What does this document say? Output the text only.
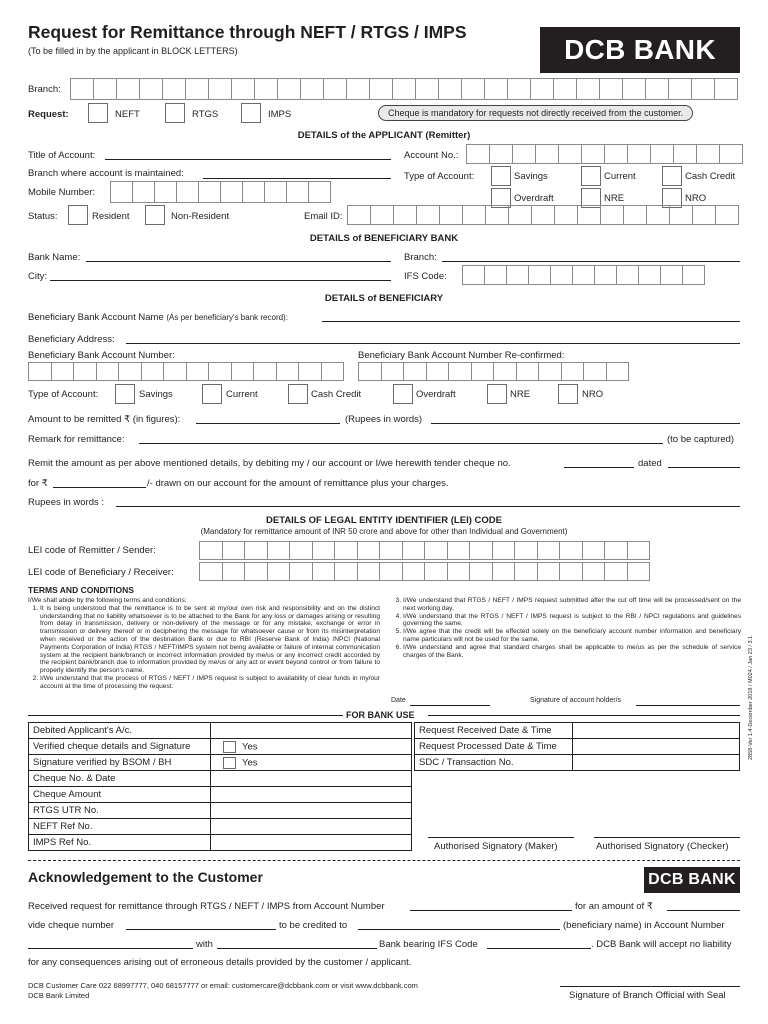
Request for Remittance through NEFT / RTGS / IMPS
(To be filled in by the applicant in BLOCK LETTERS)	DCB BANK
Branch:
Request:	NEFT	RTGS	IMPS	Cheque is mandatory for requests not directly received from the customer.
DETAILS of the APPLICANT (Remitter)
Title of Account:	Account No.:
Branch where account is maintained:	Type of Account:	Savings	Current	Cash Credit
Overdraft	NRE	NRO
Mobile Number:
Status:	Resident	Non-Resident	Email ID:
DETAILS of BENEFICIARY BANK
Bank Name:	Branch:
City:	IFS Code:
DETAILS of BENEFICIARY
Beneficiary Bank Account Name (As per beneficiary's bank record):
Beneficiary Address:
Beneficiary Bank Account Number:	Beneficiary Bank Account Number Re-confirmed:
Type of Account:	Savings	Current	Cash Credit	Overdraft	NRE	NRO
Amount to be remitted ₹ (in figures):	(Rupees in words)
Remark for remittance:	(to be captured)
Remit the amount as per above mentioned details, by debiting my / our account or I/we herewith tender cheque no.	dated
for ₹	/- drawn on our account for the amount of remittance plus your charges.
Rupees in words :
DETAILS OF LEGAL ENTITY IDENTIFIER (LEI) CODE
(Mandatory for remittance amount of INR 50 crore and above for other than Individual and Government)
LEI code of Remitter / Sender:
LEI code of Beneficiary / Receiver:
TERMS AND CONDITIONS
I/We shall abide by the following terms and conditions:
1. It is being understood that the remittance is to be sent at my/our own risk and responsibility and on the distinct understanding that no liability whatsoever is to be attached to the Bank for any loss or damages arising or resulting from delay in transmission, delivery or non-delivery of the message or for any mistake, exchange or error in transmission or delivery thereof or in deciphering the message for whatsoever cause or from its misinterpretation when received or the action of the destination Bank or due to RBI (Reserve Bank of India) /NPCI (National Payments Corporation of India) RTGS / NEFT/IMPS system not being available or failure of internal communication system at the recipient bank/branch or incorrect information provided by me/us or any incorrect credit accorded by the recipient bank/branch due to information provided by me/us or any act or event beyond control or from failure to properly identify the person's name.
2. I/We understand that the process of RTGS / NEFT / IMPS request is subject to availability of clear funds in my/our account at the time of processing the request.
3. I/We understand that RTGS / NEFT / IMPS request submitted after the cut off time will be processed/sent on the next working day.
4. I/We understand that the RTGS / NEFT / IMPS request is subject to the RBI / NPCI regulations and guidelines governing the same.
5. I/We agree that the credit will be effected solely on the beneficiary account number information and beneficiary name particulars will not be used for the same.
6. I/We understand and agree that standard charges shall be applicable to me/us as per the schedule of service charges of the Bank.
Date	Signature of account holder/s	2858-Ver 1.4-December 2018 / M024 / Jan 23 / 3.1
FOR BANK USE
Debited Applicant's A/c.	
Verified cheque details and Signature	Yes
Signature verified by BSOM / BH	Yes
Cheque No. & Date	
Cheque Amount	
RTGS UTR No.	
NEFT Ref No.	
IMPS Ref No.	
Request Received Date & Time	
Request Processed Date & Time	
SDC / Transaction No.	
Authorised Signatory (Maker)	Authorised Signatory (Checker)
Acknowledgement to the Customer	DCB BANK
Received request for remittance through RTGS / NEFT / IMPS from Account Number	for an amount of ₹
vide cheque number	to be credited to	(beneficiary name) in Account Number
with	Bank bearing IFS Code	. DCB Bank will accept no liability
for any consequences arising out of erroneous details provided by the customer / applicant.
DCB Customer Care 022 68997777, 040 68157777 or email: customercare@dcbbank.com or visit www.dcbbank.com
DCB Bank Limited	Signature of Branch Official with Seal
